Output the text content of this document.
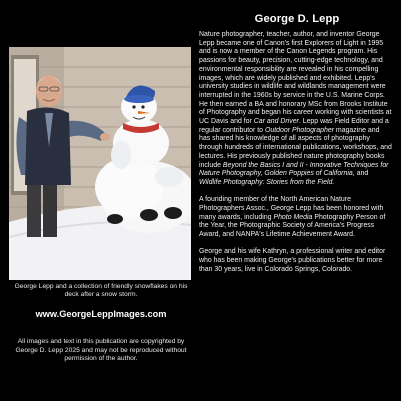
George Lepp and a collection of friendly snowflakes on his deck after a snow storm.
www.GeorgeLeppImages.com
All images and text in this publication are copyrighted by George D. Lepp 2025 and may not be reproduced without permission of the author.
George D. Lepp

Nature photographer, teacher, author, and inventor George Lepp became one of Canon's first Explorers of Light in 1995 and is now a member of the Canon Legends program. His passions for beauty, precision, cutting-edge technology, and environmental responsibility are revealed in his compelling images, which are widely published and exhibited. Lepp's university studies in wildlife and wildlands management were interrupted in the 1960s by service in the U.S. Marine Corps. He then earned a BA and honorary MSc from Brooks Institute of Photography and began his career working with scientists at UC Davis and for Car and Driver. Lepp was Field Editor and a regular contributor to Outdoor Photographer magazine and has shared his knowledge of all aspects of photography through hundreds of international publications, workshops, and lectures. His previously published nature photography books include Beyond the Basics I and II - Innovative Techniques for Nature Photography, Golden Poppies of California, and Wildlife Photography: Stories from the Field.

A founding member of the North American Nature Photographers Assoc., George Lepp has been honored with many awards, including Photo Media Photography Person of the Year, the Photographic Society of America's Progress Award, and NANPA's Lifetime Achievement Award.

George and his wife Kathryn, a professional writer and editor who has been making George's publications better for more than 30 years, live in Colorado Springs, Colorado.
